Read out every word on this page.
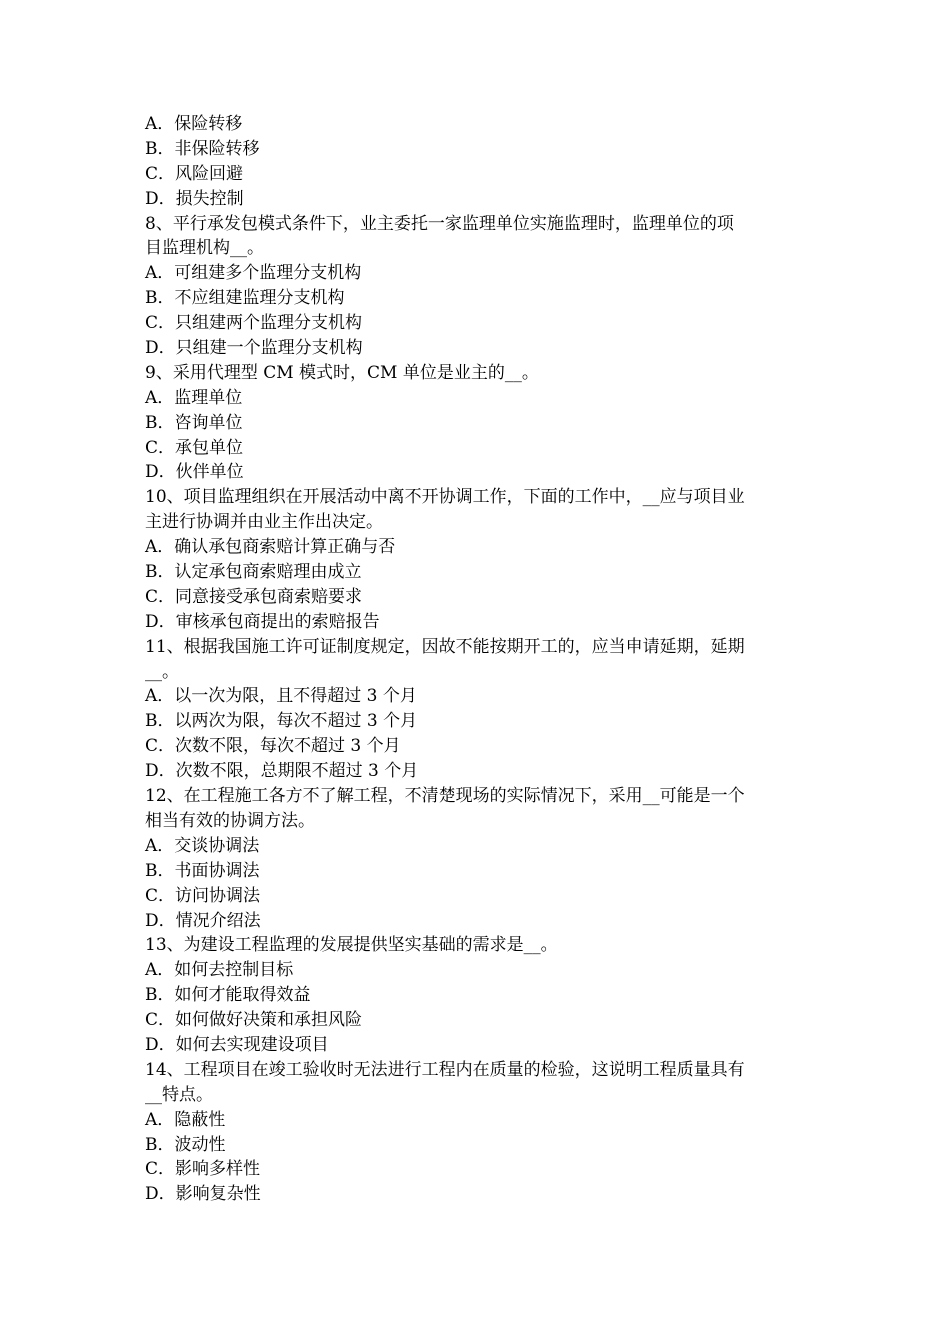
A．保险转移
B．非保险转移
C．风险回避
D．损失控制
8、平行承发包模式条件下，业主委托一家监理单位实施监理时，监理单位的项
目监理机构__。
A．可组建多个监理分支机构
B．不应组建监理分支机构
C．只组建两个监理分支机构
D．只组建一个监理分支机构
9、采用代理型 CM 模式时，CM 单位是业主的__。
A．监理单位
B．咨询单位
C．承包单位
D．伙伴单位
10、项目监理组织在开展活动中离不开协调工作，下面的工作中，__应与项目业
主进行协调并由业主作出决定。
A．确认承包商索赔计算正确与否
B．认定承包商索赔理由成立
C．同意接受承包商索赔要求
D．审核承包商提出的索赔报告
11、根据我国施工许可证制度规定，因故不能按期开工的，应当申请延期，延期
__。
A．以一次为限，且不得超过 3 个月
B．以两次为限，每次不超过 3 个月
C．次数不限，每次不超过 3 个月
D．次数不限，总期限不超过 3 个月
12、在工程施工各方不了解工程，不清楚现场的实际情况下，采用__可能是一个
相当有效的协调方法。
A．交谈协调法
B．书面协调法
C．访问协调法
D．情况介绍法
13、为建设工程监理的发展提供坚实基础的需求是__。
A．如何去控制目标
B．如何才能取得效益
C．如何做好决策和承担风险
D．如何去实现建设项目
14、工程项目在竣工验收时无法进行工程内在质量的检验，这说明工程质量具有
__特点。
A．隐蔽性
B．波动性
C．影响多样性
D．影响复杂性
